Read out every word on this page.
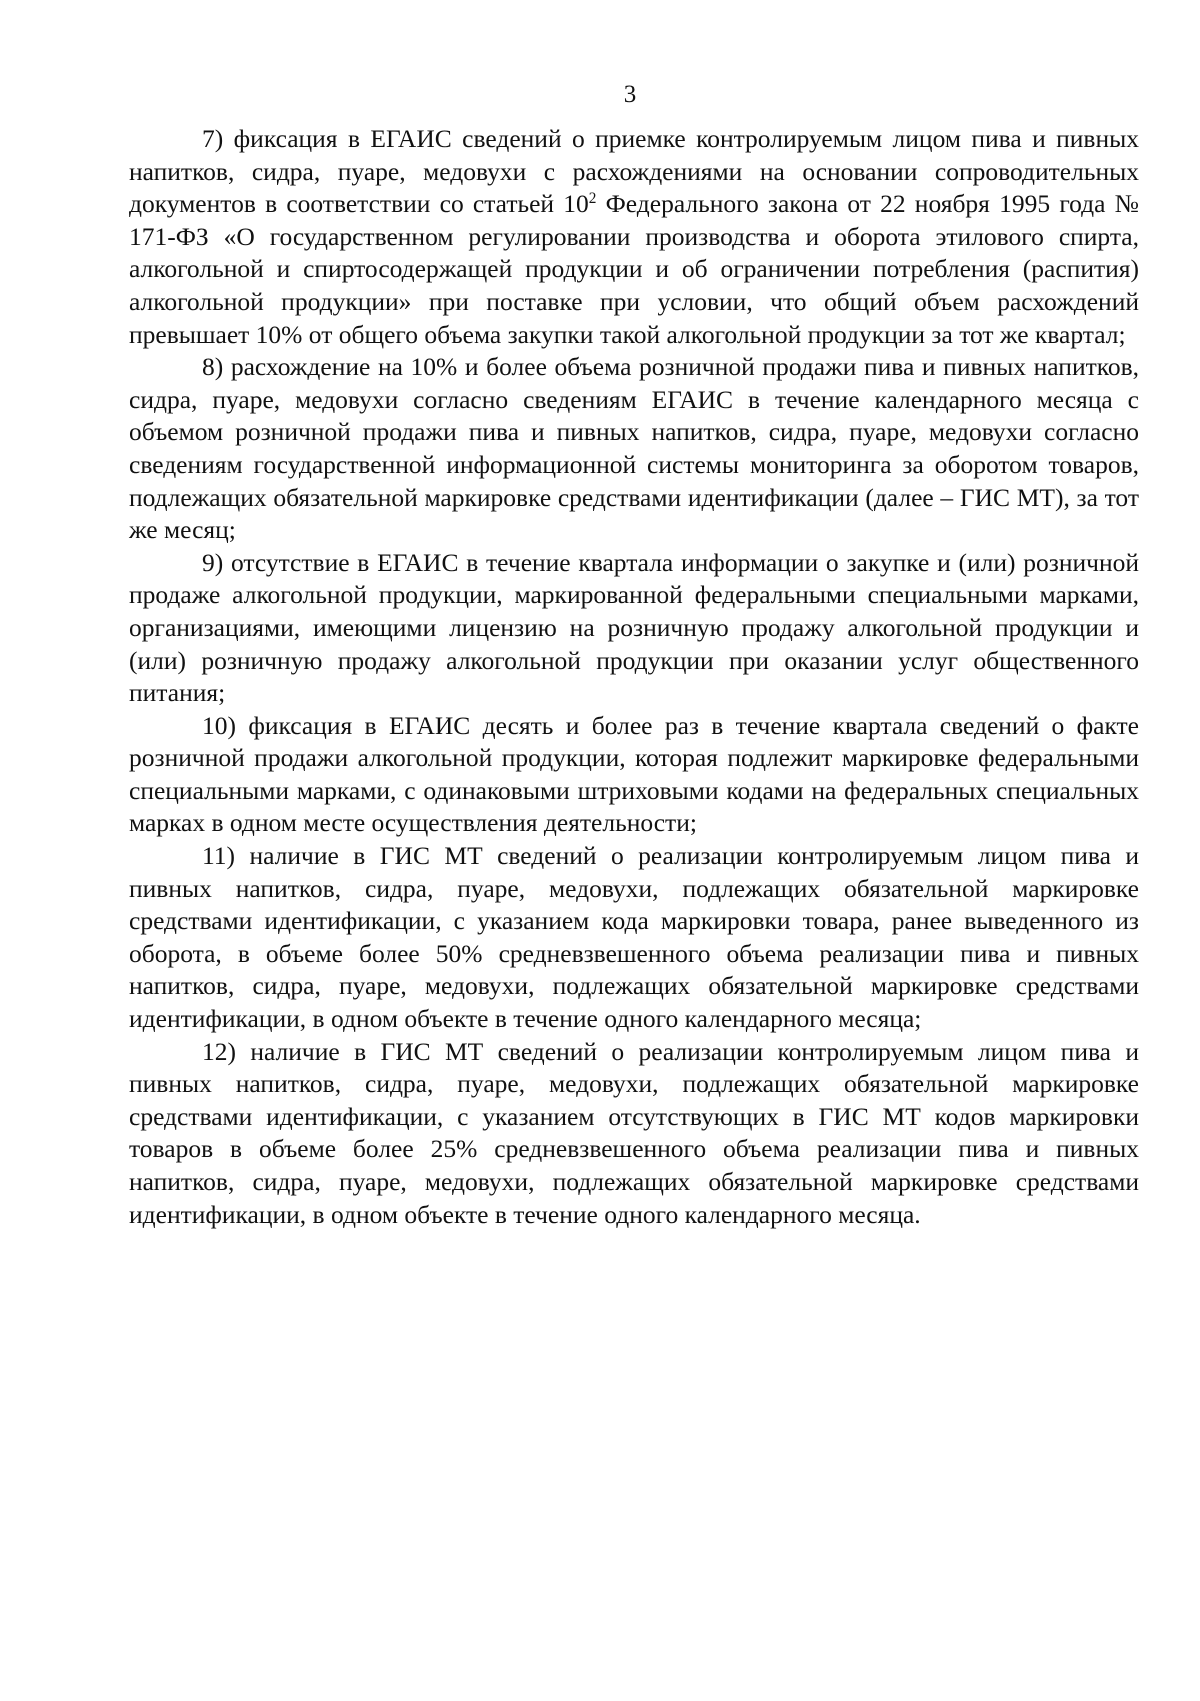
3

7) фиксация в ЕГАИС сведений о приемке контролируемым лицом пива и пивных напитков, сидра, пуаре, медовухи с расхождениями на основании сопроводительных документов в соответствии со статьей $10^2$ Федерального закона от 22 ноября 1995 года № 171-ФЗ «О государственном регулировании производства и оборота этилового спирта, алкогольной и спиртосодержащей продукции и об ограничении потребления (распития) алкогольной продукции» при поставке при условии, что общий объем расхождений превышает 10% от общего объема закупки такой алкогольной продукции за тот же квартал;

8) расхождение на 10% и более объема розничной продажи пива и пивных напитков, сидра, пуаре, медовухи согласно сведениям ЕГАИС в течение календарного месяца с объемом розничной продажи пива и пивных напитков, сидра, пуаре, медовухи согласно сведениям государственной информационной системы мониторинга за оборотом товаров, подлежащих обязательной маркировке средствами идентификации (далее – ГИС МТ), за тот же месяц;

9) отсутствие в ЕГАИС в течение квартала информации о закупке и (или) розничной продаже алкогольной продукции, маркированной федеральными специальными марками, организациями, имеющими лицензию на розничную продажу алкогольной продукции и (или) розничную продажу алкогольной продукции при оказании услуг общественного питания;

10) фиксация в ЕГАИС десять и более раз в течение квартала сведений о факте розничной продажи алкогольной продукции, которая подлежит маркировке федеральными специальными марками, с одинаковыми штриховыми кодами на федеральных специальных марках в одном месте осуществления деятельности;

11) наличие в ГИС МТ сведений о реализации контролируемым лицом пива и пивных напитков, сидра, пуаре, медовухи, подлежащих обязательной маркировке средствами идентификации, с указанием кода маркировки товара, ранее выведенного из оборота, в объеме более 50% средневзвешенного объема реализации пива и пивных напитков, сидра, пуаре, медовухи, подлежащих обязательной маркировке средствами идентификации, в одном объекте в течение одного календарного месяца;

12) наличие в ГИС МТ сведений о реализации контролируемым лицом пива и пивных напитков, сидра, пуаре, медовухи, подлежащих обязательной маркировке средствами идентификации, с указанием отсутствующих в ГИС МТ кодов маркировки товаров в объеме более 25% средневзвешенного объема реализации пива и пивных напитков, сидра, пуаре, медовухи, подлежащих обязательной маркировке средствами идентификации, в одном объекте в течение одного календарного месяца.
